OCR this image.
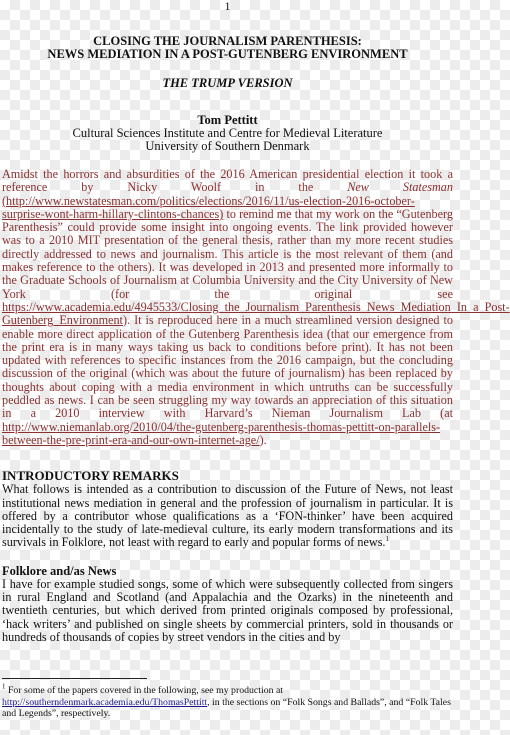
1
CLOSING THE JOURNALISM PARENTHESIS:
NEWS MEDIATION IN A POST-GUTENBERG ENVIRONMENT
THE TRUMP VERSION
Tom Pettitt
Cultural Sciences Institute and Centre for Medieval Literature
University of Southern Denmark

Amidst the horrors and absurdities of the 2016 American presidential election it took a reference by Nicky Woolf in the New Statesman (http://www.newstatesman.com/politics/elections/2016/11/us-election-2016-october-surprise-wont-harm-hillary-clintons-chances) to remind me that my work on the “Gutenberg Parenthesis” could provide some insight into ongoing events. The link provided however was to a 2010 MIT presentation of the general thesis, rather than my more recent studies directly addressed to news and journalism. This article is the most relevant of them (and makes reference to the others). It was developed in 2013 and presented more informally to the Graduate Schools of Journalism at Columbia University and the City University of New York (for the original see https://www.academia.edu/4945533/Closing_the_Journalism_Parenthesis_News_Mediation_In_a_Post-Gutenberg_Environment). It is reproduced here in a much streamlined version designed to enable more direct application of the Gutenberg Parenthesis idea (that our emergence from the print era is in many ways taking us back to conditions before print). It has not been updated with references to specific instances from the 2016 campaign, but the concluding discussion of the original (which was about the future of journalism) has been replaced by thoughts about coping with a media environment in which untruths can be successfully peddled as news. I can be seen struggling my way towards an appreciation of this situation in a 2010 interview with Harvard’s Nieman Journalism Lab (at http://www.niemanlab.org/2010/04/the-gutenberg-parenthesis-thomas-pettitt-on-parallels-between-the-pre-print-era-and-our-own-internet-age/).

INTRODUCTORY REMARKS

What follows is intended as a contribution to discussion of the Future of News, not least institutional news mediation in general and the profession of journalism in particular. It is offered by a contributor whose qualifications as a ‘FON-thinker’ have been acquired incidentally to the study of late-medieval culture, its early modern transformations and its survivals in Folklore, not least with regard to early and popular forms of news.$^1$

Folklore and/as News

I have for example studied songs, some of which were subsequently collected from singers in rural England and Scotland (and Appalachia and the Ozarks) in the nineteenth and twentieth centuries, but which derived from printed originals composed by professional, ‘hack writers’ and published on single sheets by commercial printers, sold in thousands or hundreds of thousands of copies by street vendors in the cities and by

$^1$ For some of the papers covered in the following, see my production at http://southerndenmark.academia.edu/ThomasPettitt, in the sections on “Folk Songs and Ballads”, and “Folk Tales and Legends”, respectively.
